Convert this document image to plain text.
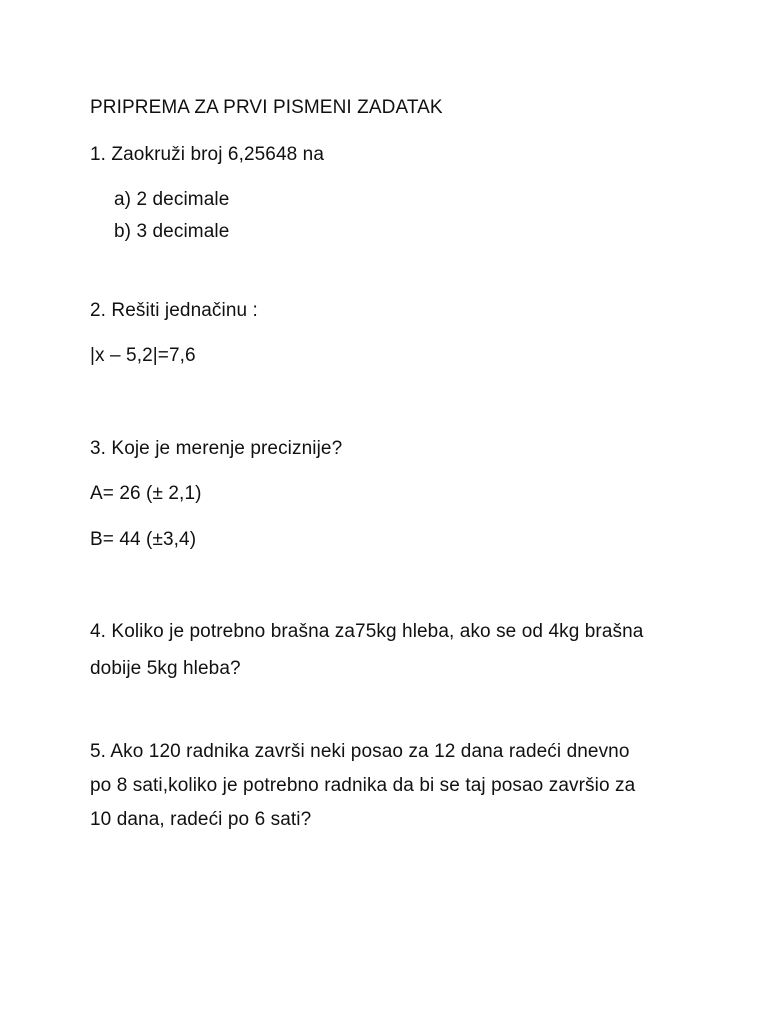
PRIPREMA ZA PRVI PISMENI ZADATAK
1. Zaokruži broj 6,25648 na
a) 2 decimale
b) 3 decimale
2. Rešiti jednačinu :
|x – 5,2|=7,6
3. Koje je merenje preciznije?
A= 26 (± 2,1)
B= 44 (±3,4)
4. Koliko je potrebno brašna za75kg hleba, ako se od 4kg brašna
dobije 5kg hleba?
5. Ako 120 radnika završi neki posao za 12 dana radeći dnevno
po 8 sati,koliko je potrebno radnika da bi se taj posao završio za
10 dana, radeći po 6 sati?
